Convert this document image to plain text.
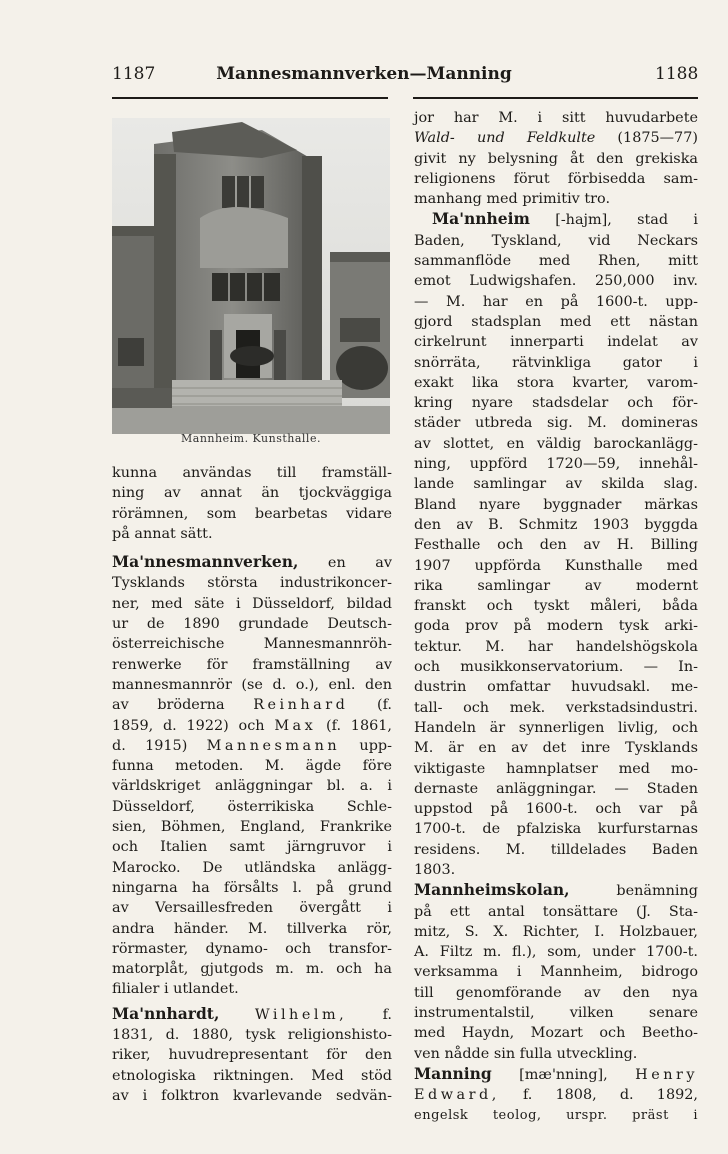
1187	Mannesmannverken—Manning	1188
Mannheim. Kunsthalle.
kunna användas till framställ-
ning av annat än tjockväggiga
rörämnen, som bearbetas vidare
på annat sätt.
Ma'nnesmannverken, en av
Tysklands största industrikoncer-
ner, med säte i Düsseldorf, bildad
ur de 1890 grundade Deutsch-
österreichische Mannesmannröh-
renwerke för framställning av
mannesmannrör (se d. o.), enl. den
av bröderna Reinhard (f.
1859, d. 1922) och Max (f. 1861,
d. 1915) Mannesmann upp-
funna metoden. M. ägde före
världskriget anläggningar bl. a. i
Düsseldorf, österrikiska Schle-
sien, Böhmen, England, Frankrike
och Italien samt järngruvor i
Marocko. De utländska anlägg-
ningarna ha försålts l. på grund
av Versaillesfreden övergått i
andra händer. M. tillverka rör,
rörmaster, dynamo- och transfor-
matorplåt, gjutgods m. m. och ha
filialer i utlandet.
Ma'nnhardt, Wilhelm, f.
1831, d. 1880, tysk religionshisto-
riker, huvudrepresentant för den
etnologiska riktningen. Med stöd
av i folktron kvarlevande sedvän-
jor har M. i sitt huvudarbete
Wald- und Feldkulte (1875—77)
givit ny belysning åt den grekiska
religionens förut förbisedda sam-
manhang med primitiv tro.
Ma'nnheim [-hajm], stad i
Baden, Tyskland, vid Neckars
sammanflöde med Rhen, mitt
emot Ludwigshafen. 250,000 inv.
— M. har en på 1600-t. upp-
gjord stadsplan med ett nästan
cirkelrunt innerparti indelat av
snörräta, rätvinkliga gator i
exakt lika stora kvarter, varom-
kring nyare stadsdelar och för-
städer utbreda sig. M. domineras
av slottet, en väldig barockanlägg-
ning, uppförd 1720—59, innehål-
lande samlingar av skilda slag.
Bland nyare byggnader märkas
den av B. Schmitz 1903 byggda
Festhalle och den av H. Billing
1907 uppförda Kunsthalle med
rika samlingar av modernt
franskt och tyskt måleri, båda
goda prov på modern tysk arki-
tektur. M. har handelshögskola
och musikkonservatorium. — In-
dustrin omfattar huvudsakl. me-
tall- och mek. verkstadsindustri.
Handeln är synnerligen livlig, och
M. är en av det inre Tysklands
viktigaste hamnplatser med mo-
dernaste anläggningar. — Staden
uppstod på 1600-t. och var på
1700-t. de pfalziska kurfurstarnas
residens. M. tilldelades Baden
1803.
Mannheimskolan, benämning
på ett antal tonsättare (J. Sta-
mitz, S. X. Richter, I. Holzbauer,
A. Filtz m. fl.), som, under 1700-t.
verksamma i Mannheim, bidrogo
till genomförande av den nya
instrumentalstil, vilken senare
med Haydn, Mozart och Beetho-
ven nådde sin fulla utveckling.
Manning [mæ'nning], Henry
Edward, f. 1808, d. 1892,
engelsk teolog, urspr. präst i
